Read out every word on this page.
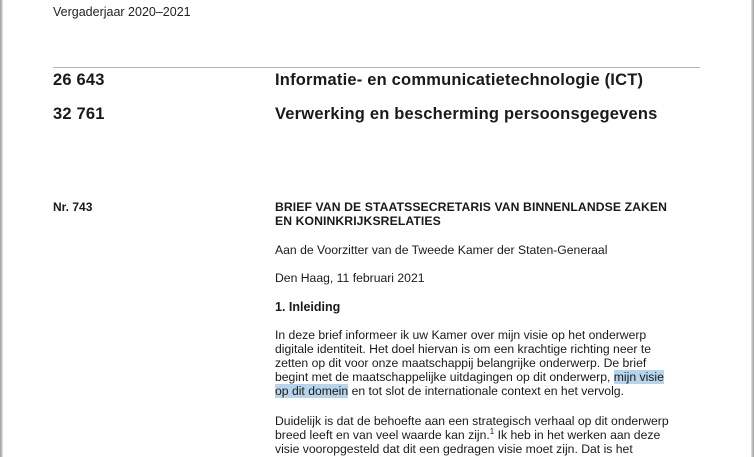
Vergaderjaar 2020–2021
26 643	Informatie- en communicatietechnologie (ICT)
32 761	Verwerking en bescherming persoonsgegevens
Nr. 743	BRIEF VAN DE STAATSSECRETARIS VAN BINNENLANDSE ZAKEN
EN KONINKRIJKSRELATIES
Aan de Voorzitter van de Tweede Kamer der Staten-Generaal
Den Haag, 11 februari 2021
1. Inleiding

In deze brief informeer ik uw Kamer over mijn visie op het onderwerp

digitale identiteit. Het doel hiervan is om een krachtige richting neer te

zetten op dit voor onze maatschappij belangrijke onderwerp. De brief

begint met de maatschappelijke uitdagingen op dit onderwerp, mijn visie

op dit domein en tot slot de internationale context en het vervolg.

Duidelijk is dat de behoefte aan een strategisch verhaal op dit onderwerp

breed leeft en van veel waarde kan zijn.$^1$ Ik heb in het werken aan deze

visie vooropgesteld dat dit een gedragen visie moet zijn. Dat is het
